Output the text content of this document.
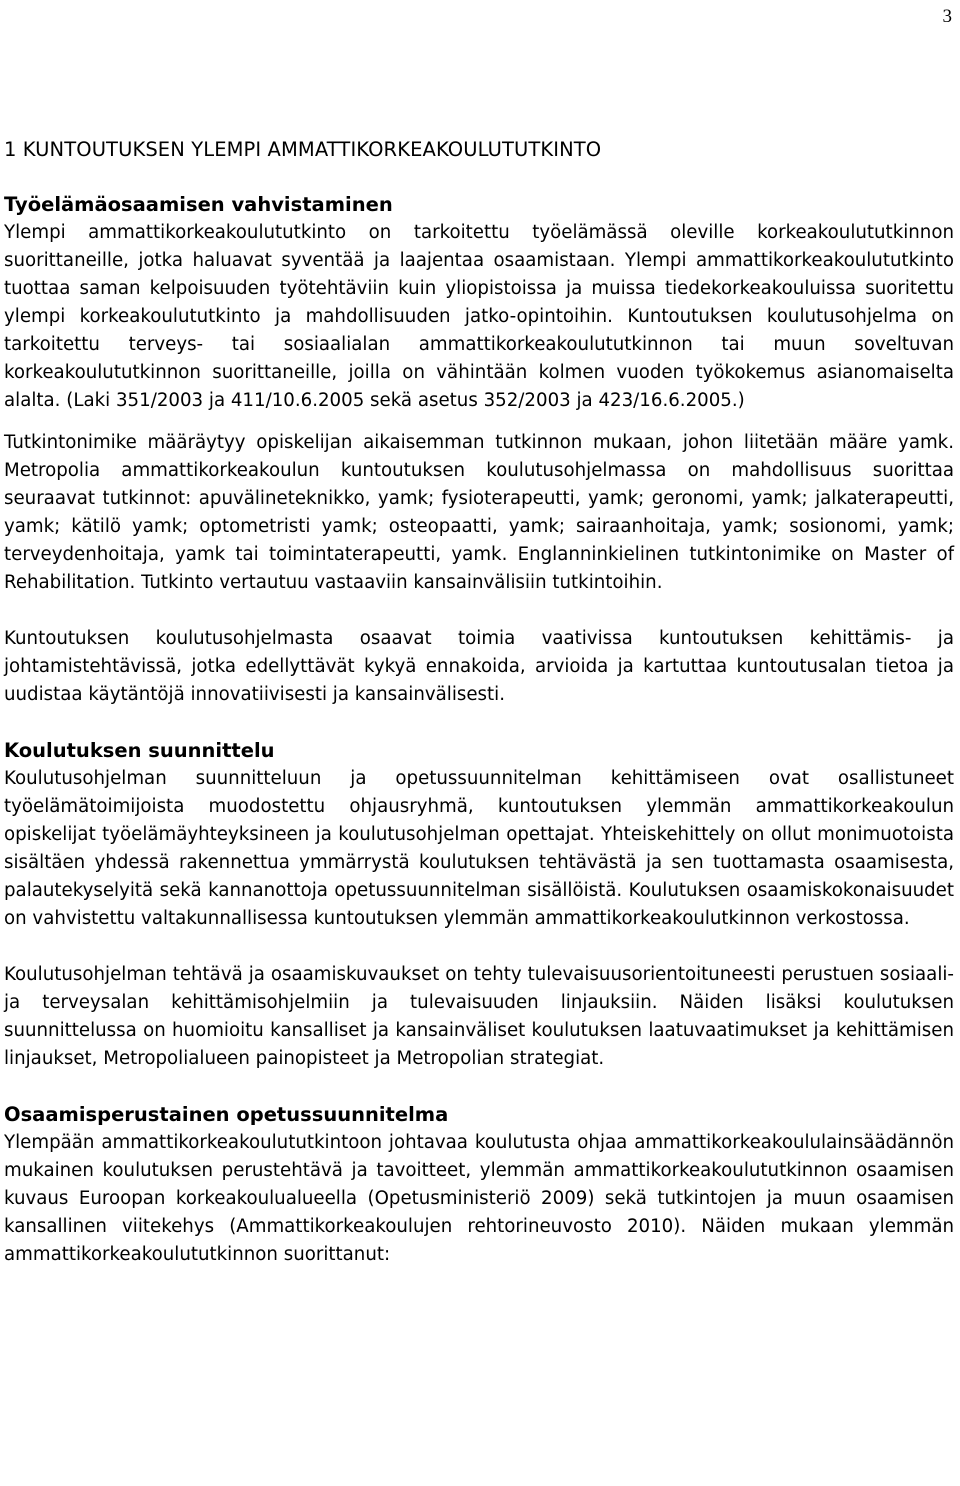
3
1 KUNTOUTUKSEN YLEMPI AMMATTIKORKEAKOULUTUTKINTO
Työelämäosaamisen vahvistaminen

Ylempi ammattikorkeakoulututkinto on tarkoitettu työelämässä oleville korkeakoulututkinnon suorittaneille, jotka haluavat syventää ja laajentaa osaamistaan. Ylempi ammattikorkeakoulututkinto tuottaa saman kelpoisuuden työtehtäviin kuin yliopistoissa ja muissa tiedekorkeakouluissa suoritettu ylempi korkeakoulututkinto ja mahdollisuuden jatko-opintoihin. Kuntoutuksen koulutusohjelma on tarkoitettu terveys- tai sosiaalialan ammattikorkeakoulututkinnon tai muun soveltuvan korkeakoulututkinnon suorittaneille, joilla on vähintään kolmen vuoden työkokemus asianomaiselta alalta. (Laki 351/2003 ja 411/10.6.2005 sekä asetus 352/2003 ja 423/16.6.2005.)

Tutkintonimike määräytyy opiskelijan aikaisemman tutkinnon mukaan, johon liitetään määre yamk. Metropolia ammattikorkeakoulun kuntoutuksen koulutusohjelmassa on mahdollisuus suorittaa seuraavat tutkinnot: apuvälineteknikko, yamk; fysioterapeutti, yamk; geronomi, yamk; jalkaterapeutti, yamk; kätilö yamk; optometristi yamk; osteopaatti, yamk; sairaanhoitaja, yamk; sosionomi, yamk; terveydenhoitaja, yamk tai toimintaterapeutti, yamk. Englanninkielinen tutkintonimike on Master of Rehabilitation. Tutkinto vertautuu vastaaviin kansainvälisiin tutkintoihin.

Kuntoutuksen koulutusohjelmasta osaavat toimia vaativissa kuntoutuksen kehittämis- ja johtamistehtävissä, jotka edellyttävät kykyä ennakoida, arvioida ja kartuttaa kuntoutusalan tietoa ja uudistaa käytäntöjä innovatiivisesti ja kansainvälisesti.

Koulutuksen suunnittelu

Koulutusohjelman suunnitteluun ja opetussuunnitelman kehittämiseen ovat osallistuneet työelämätoimijoista muodostettu ohjausryhmä, kuntoutuksen ylemmän ammattikorkeakoulun opiskelijat työelämäyhteyksineen ja koulutusohjelman opettajat. Yhteiskehittely on ollut monimuotoista sisältäen yhdessä rakennettua ymmärrystä koulutuksen tehtävästä ja sen tuottamasta osaamisesta, palautekyselyitä sekä kannanottoja opetussuunnitelman sisällöistä. Koulutuksen osaamiskokonaisuudet on vahvistettu valtakunnallisessa kuntoutuksen ylemmän ammattikorkeakoulutkinnon verkostossa.

Koulutusohjelman tehtävä ja osaamiskuvaukset on tehty tulevaisuusorientoituneesti perustuen sosiaali- ja terveysalan kehittämisohjelmiin ja tulevaisuuden linjauksiin. Näiden lisäksi koulutuksen suunnittelussa on huomioitu kansalliset ja kansainväliset koulutuksen laatuvaatimukset ja kehittämisen linjaukset, Metropolialueen painopisteet ja Metropolian strategiat.

Osaamisperustainen opetussuunnitelma

Ylempään ammattikorkeakoulututkintoon johtavaa koulutusta ohjaa ammattikorkeakoululainsäädännön mukainen koulutuksen perustehtävä ja tavoitteet, ylemmän ammattikorkeakoulututkinnon osaamisen kuvaus Euroopan korkeakoulualueella (Opetusministeriö 2009) sekä tutkintojen ja muun osaamisen kansallinen viitekehys (Ammattikorkeakoulujen rehtorineuvosto 2010). Näiden mukaan ylemmän ammattikorkeakoulututkinnon suorittanut:
